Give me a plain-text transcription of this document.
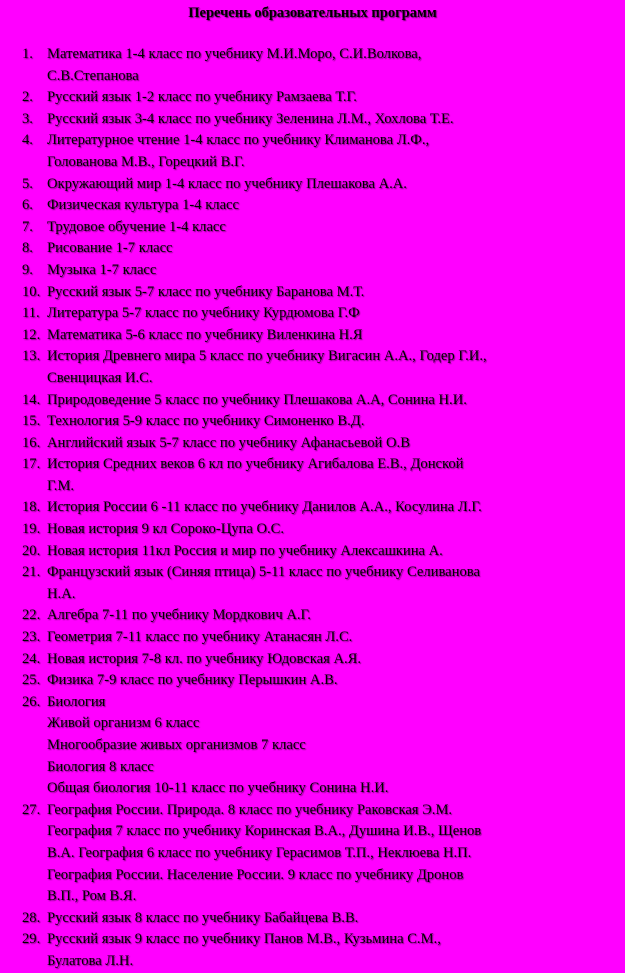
Перечень образовательных программ
1. Математика 1-4 класс по учебнику М.И.Моро, С.И.Волкова,
С.В.Степанова
2. Русский язык 1-2 класс по учебнику Рамзаева Т.Г.
3. Русский язык 3-4 класс по учебнику Зеленина Л.М., Хохлова Т.Е.
4. Литературное чтение 1-4 класс по учебнику Климанова Л.Ф.,
Голованова М.В., Горецкий В.Г.
5. Окружающий мир 1-4 класс по учебнику Плешакова А.А.
6. Физическая культура 1-4 класс
7. Трудовое обучение 1-4 класс
8. Рисование 1-7 класс
9. Музыка 1-7 класс
10. Русский язык 5-7 класс по учебнику Баранова М.Т.
11. Литература 5-7 класс по учебнику Курдюмова Г.Ф
12. Математика 5-6 класс по учебнику Виленкина Н.Я
13. История Древнего мира 5 класс по учебнику Вигасин А.А., Годер Г.И.,
Свенцицкая И.С.
14. Природоведение 5 класс по учебнику Плешакова А.А, Сонина Н.И.
15. Технология 5-9 класс по учебнику Симоненко В.Д.
16. Английский язык 5-7 класс по учебнику Афанасьевой О.В
17. История Средних веков 6 кл по учебнику Агибалова Е.В., Донской
Г.М.
18. История России 6 -11 класс по учебнику Данилов А.А., Косулина Л.Г.
19. Новая история 9 кл Сороко-Цупа О.С.
20. Новая история 11кл Россия и мир по учебнику Алексашкина А.
21. Французский язык (Синяя птица) 5-11 класс по учебнику Селиванова
Н.А.
22. Алгебра 7-11 по учебнику Мордкович А.Г.
23. Геометрия 7-11 класс по учебнику Атанасян Л.С.
24. Новая история 7-8 кл. по учебнику Юдовская А.Я.
25. Физика 7-9 класс по учебнику Перышкин А.В.
26. Биология
Живой организм 6 класс
Многообразие живых организмов 7 класс
Биология 8 класс
Общая биология 10-11 класс по учебнику Сонина Н.И.
27. География России. Природа. 8 класс по учебнику Раковская Э.М.
География 7 класс по учебнику Коринская В.А., Душина И.В., Щенов
В.А. География 6 класс по учебнику Герасимов Т.П., Неклюева Н.П.
География России. Население России. 9 класс по учебнику Дронов
В.П., Ром В.Я.
28. Русский язык 8 класс по учебнику Бабайцева В.В.
29. Русский язык 9 класс по учебнику Панов М.В., Кузьмина С.М.,
Булатова Л.Н.
